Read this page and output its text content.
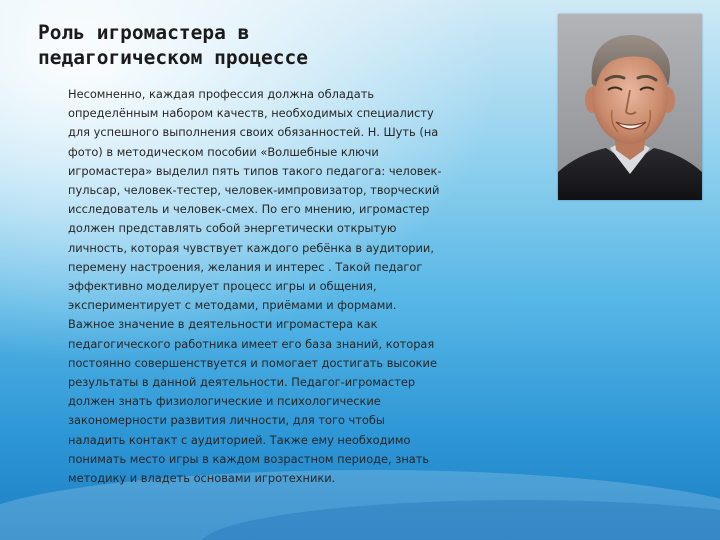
Роль игромастера в
педагогическом процессе
Несомненно, каждая профессия должна обладать
определённым набором качеств, необходимых специалисту
для успешного выполнения своих обязанностей. Н. Шуть (на
фото) в методическом пособии «Волшебные ключи
игромастера» выделил пять типов такого педагога: человек-
пульсар, человек-тестер, человек-импровизатор, творческий
исследователь и человек-смех. По его мнению, игромастер
должен представлять собой энергетически открытую
личность, которая чувствует каждого ребёнка в аудитории,
перемену настроения, желания и интерес . Такой педагог
эффективно моделирует процесс игры и общения,
экспериментирует с методами, приёмами и формами.
Важное значение в деятельности игромастера как
педагогического работника имеет его база знаний, которая
постоянно совершенствуется и помогает достигать высокие
результаты в данной деятельности. Педагог-игромастер
должен знать физиологические и психологические
закономерности развития личности, для того чтобы
наладить контакт с аудиторией. Также ему необходимо
понимать место игры в каждом возрастном периоде, знать
методику и владеть основами игротехники.
